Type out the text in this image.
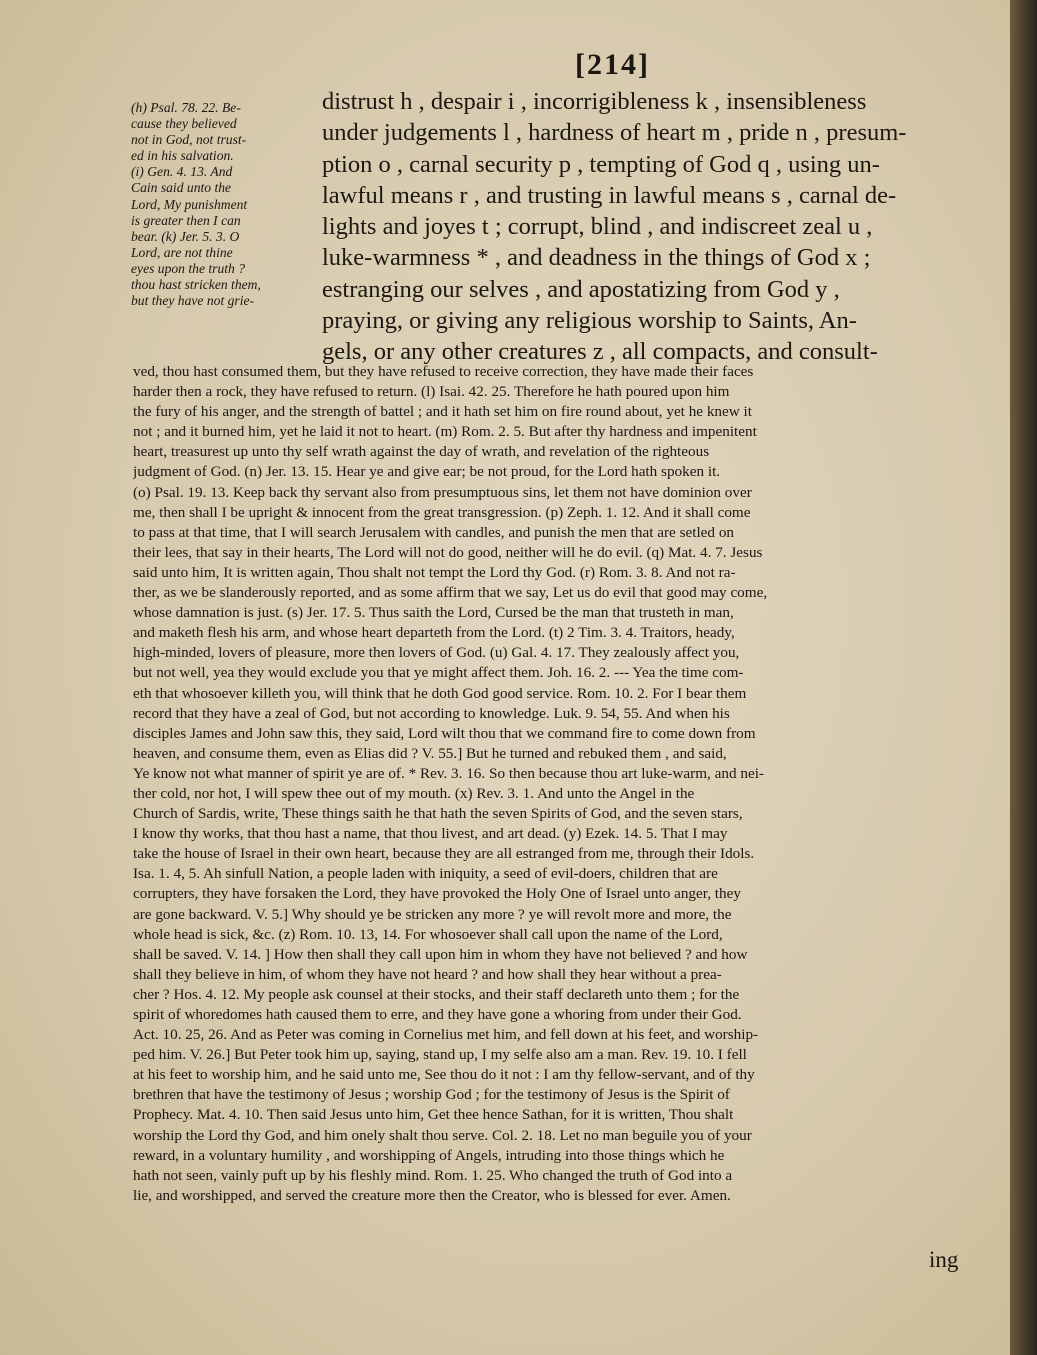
[214]
(h) Psal. 78. 22. Be-
cause they believed
not in God, not trust-
ed in his salvation.
(i) Gen. 4. 13. And
Cain said unto the
Lord, My punishment
is greater then I can
bear. (k) Jer. 5. 3. O
Lord, are not thine
eyes upon the truth ?
thou hast stricken them,
but they have not grie-
distrust h , despair i , incorrigibleness k , insensibleness
under judgements l , hardness of heart m , pride n , presum-
ption o , carnal security p , tempting of God q , using un-
lawful means r , and trusting in lawful means s , carnal de-
lights and joyes t ; corrupt, blind , and indiscreet zeal u ,
luke-warmness * , and deadness in the things of God x ;
estranging our selves , and apostatizing from God y ,
praying, or giving any religious worship to Saints, An-
gels, or any other creatures z , all compacts, and consult-
ved, thou hast consumed them, but they have refused to receive correction, they have made their faces
harder then a rock, they have refused to return. (l) Isai. 42. 25. Therefore he hath poured upon him
the fury of his anger, and the strength of battel ; and it hath set him on fire round about, yet he knew it
not ; and it burned him, yet he laid it not to heart. (m) Rom. 2. 5. But after thy hardness and impenitent
heart, treasurest up unto thy self wrath against the day of wrath, and revelation of the righteous
judgment of God. (n) Jer. 13. 15. Hear ye and give ear; be not proud, for the Lord hath spoken it.
(o) Psal. 19. 13. Keep back thy servant also from presumptuous sins, let them not have dominion over
me, then shall I be upright & innocent from the great transgression. (p) Zeph. 1. 12. And it shall come
to pass at that time, that I will search Jerusalem with candles, and punish the men that are setled on
their lees, that say in their hearts, The Lord will not do good, neither will he do evil. (q) Mat. 4. 7. Jesus
said unto him, It is written again, Thou shalt not tempt the Lord thy God. (r) Rom. 3. 8. And not ra-
ther, as we be slanderously reported, and as some affirm that we say, Let us do evil that good may come,
whose damnation is just. (s) Jer. 17. 5. Thus saith the Lord, Cursed be the man that trusteth in man,
and maketh flesh his arm, and whose heart departeth from the Lord. (t) 2 Tim. 3. 4. Traitors, heady,
high-minded, lovers of pleasure, more then lovers of God. (u) Gal. 4. 17. They zealously affect you,
but not well, yea they would exclude you that ye might affect them. Joh. 16. 2. --- Yea the time com-
eth that whosoever killeth you, will think that he doth God good service. Rom. 10. 2. For I bear them
record that they have a zeal of God, but not according to knowledge. Luk. 9. 54, 55. And when his
disciples James and John saw this, they said, Lord wilt thou that we command fire to come down from
heaven, and consume them, even as Elias did ? V. 55.] But he turned and rebuked them , and said,
Ye know not what manner of spirit ye are of. * Rev. 3. 16. So then because thou art luke-warm, and nei-
ther cold, nor hot, I will spew thee out of my mouth. (x) Rev. 3. 1. And unto the Angel in the
Church of Sardis, write, These things saith he that hath the seven Spirits of God, and the seven stars,
I know thy works, that thou hast a name, that thou livest, and art dead. (y) Ezek. 14. 5. That I may
take the house of Israel in their own heart, because they are all estranged from me, through their Idols.
Isa. 1. 4, 5. Ah sinfull Nation, a people laden with iniquity, a seed of evil-doers, children that are
corrupters, they have forsaken the Lord, they have provoked the Holy One of Israel unto anger, they
are gone backward. V. 5.] Why should ye be stricken any more ? ye will revolt more and more, the
whole head is sick, &c. (z) Rom. 10. 13, 14. For whosoever shall call upon the name of the Lord,
shall be saved. V. 14. ] How then shall they call upon him in whom they have not believed ? and how
shall they believe in him, of whom they have not heard ? and how shall they hear without a prea-
cher ? Hos. 4. 12. My people ask counsel at their stocks, and their staff declareth unto them ; for the
spirit of whoredomes hath caused them to erre, and they have gone a whoring from under their God.
Act. 10. 25, 26. And as Peter was coming in Cornelius met him, and fell down at his feet, and worship-
ped him. V. 26.] But Peter took him up, saying, stand up, I my selfe also am a man. Rev. 19. 10. I fell
at his feet to worship him, and he said unto me, See thou do it not : I am thy fellow-servant, and of thy
brethren that have the testimony of Jesus ; worship God ; for the testimony of Jesus is the Spirit of
Prophecy. Mat. 4. 10. Then said Jesus unto him, Get thee hence Sathan, for it is written, Thou shalt
worship the Lord thy God, and him onely shalt thou serve. Col. 2. 18. Let no man beguile you of your
reward, in a voluntary humility , and worshipping of Angels, intruding into those things which he
hath not seen, vainly puft up by his fleshly mind. Rom. 1. 25. Who changed the truth of God into a
lie, and worshipped, and served the creature more then the Creator, who is blessed for ever. Amen.
ing
